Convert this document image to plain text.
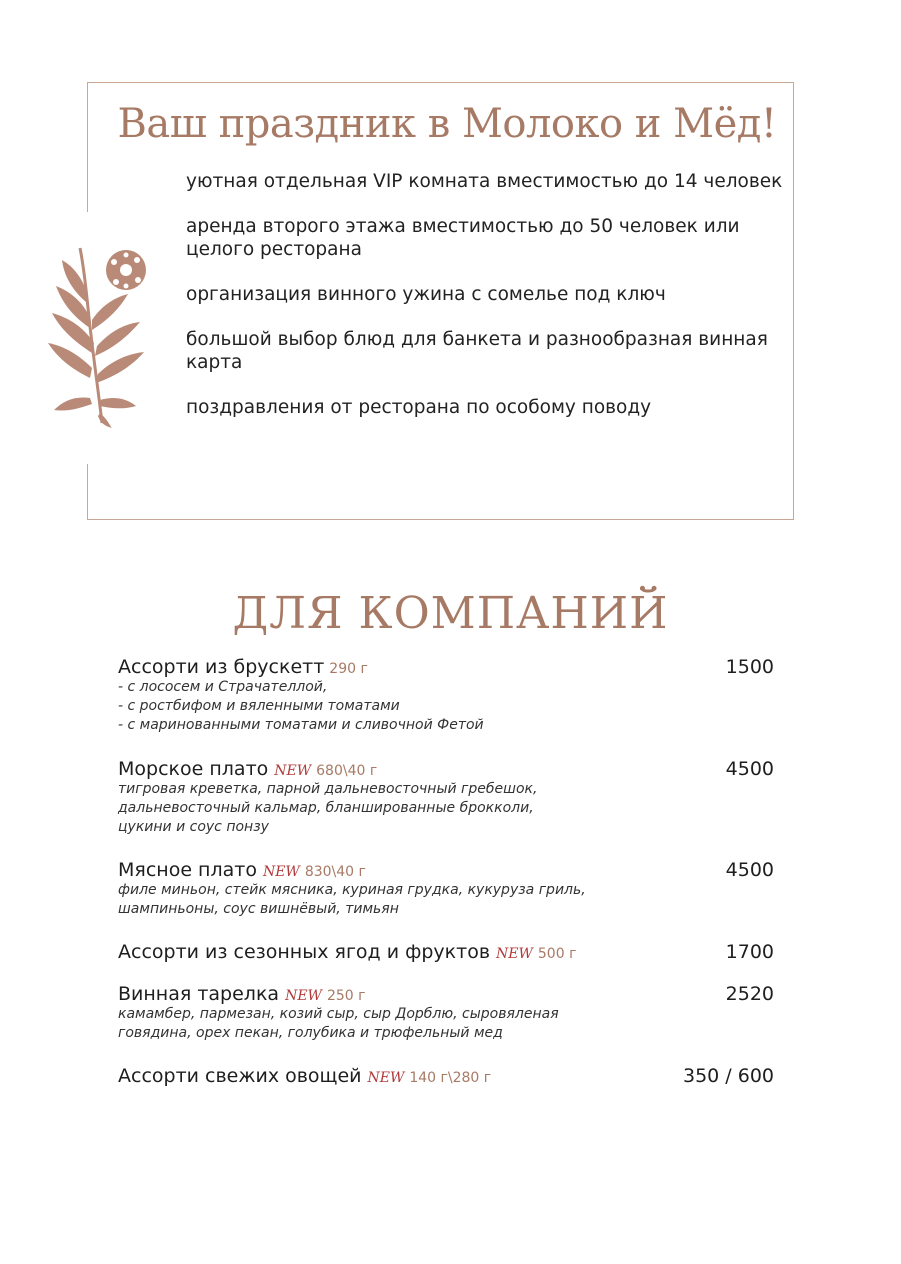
Ваш праздник в Молоко и Мёд!
уютная отдельная VIP комната вместимостью до 14 человек
аренда второго этажа вместимостью до 50 человек или целого ресторана
организация винного ужина с сомелье под ключ
большой выбор блюд для банкета и разнообразная винная карта
поздравления от ресторана по особому поводу
ДЛЯ КОМПАНИЙ
Ассорти из брускетт 290 г	1500
- с лососем и Страчателлой,
- с ростбифом и вяленными томатами
- с маринованными томатами и сливочной Фетой
Морское плато NEW 680\40 г	4500
тигровая креветка, парной дальневосточный гребешок,
дальневосточный кальмар, бланшированные брокколи,
цукини и соус понзу
Мясное плато NEW 830\40 г	4500
филе миньон, стейк мясника, куриная грудка, кукуруза гриль,
шампиньоны, соус вишнёвый, тимьян
Ассорти из сезонных ягод и фруктов NEW 500 г	1700
Винная тарелка NEW 250 г	2520
камамбер, пармезан, козий сыр, сыр Дорблю, сыровяленая
говядина, орех пекан, голубика и трюфельный мед
Ассорти свежих овощей NEW 140 г\280 г	350 / 600
